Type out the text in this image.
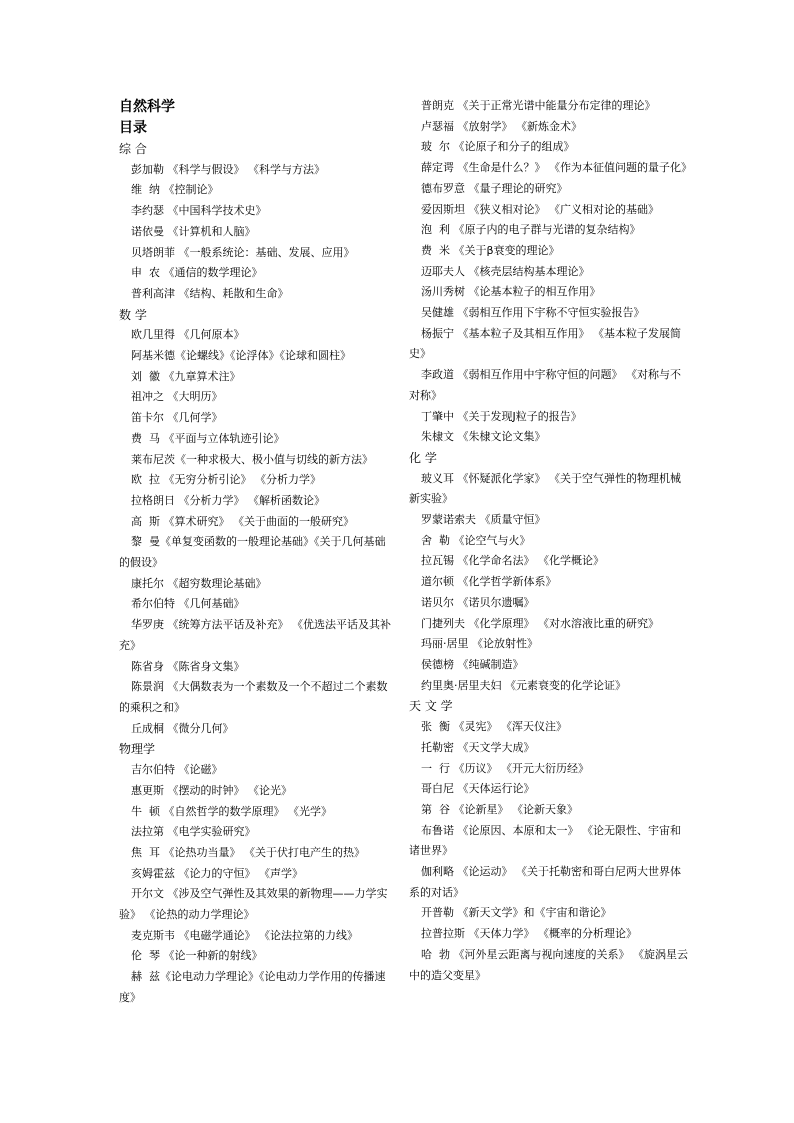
自然科学
目录
综 合
彭加勒 《科学与假设》 《科学与方法》
维  纳 《控制论》
李约瑟 《中国科学技术史》
诺依曼 《计算机和人脑》
贝塔朗菲 《一般系统论：基础、发展、应用》
申  农 《通信的数学理论》
普利高津 《结构、耗散和生命》
数 学
欧几里得 《几何原本》
阿基米德《论螺线》《论浮体》《论球和圆柱》
刘  徽 《九章算术注》
祖冲之 《大明历》
笛卡尔 《几何学》
费  马 《平面与立体轨迹引论》
莱布尼茨《一种求极大、极小值与切线的新方法》
欧  拉 《无穷分析引论》 《分析力学》
拉格朗日 《分析力学》 《解析函数论》
高  斯 《算术研究》 《关于曲面的一般研究》
黎  曼《单复变函数的一般理论基础》《关于几何基础的假设》
康托尔 《超穷数理论基础》
希尔伯特 《几何基础》
华罗庚 《统筹方法平话及补充》 《优选法平话及其补充》
陈省身 《陈省身文集》
陈景润 《大偶数表为一个素数及一个不超过二个素数的乘积之和》
丘成桐 《微分几何》
物理学
吉尔伯特 《论磁》
惠更斯 《摆动的时钟》 《论光》
牛  顿 《自然哲学的数学原理》 《光学》
法拉第 《电学实验研究》
焦  耳 《论热功当量》 《关于伏打电产生的热》
亥姆霍兹 《论力的守恒》 《声学》
开尔文 《涉及空气弹性及其效果的新物理——力学实验》 《论热的动力学理论》
麦克斯韦 《电磁学通论》 《论法拉第的力线》
伦  琴 《论一种新的射线》
赫  兹《论电动力学理论》《论电动力学作用的传播速度》
普朗克 《关于正常光谱中能量分布定律的理论》
卢瑟福 《放射学》 《新炼金术》
玻  尔 《论原子和分子的组成》
薛定谔 《生命是什么？》 《作为本征值问题的量子化》
德布罗意 《量子理论的研究》
爱因斯坦 《狭义相对论》 《广义相对论的基础》
泡  利 《原子内的电子群与光谱的复杂结构》
费  米 《关于β衰变的理论》
迈耶夫人 《核壳层结构基本理论》
汤川秀树 《论基本粒子的相互作用》
吴健雄 《弱相互作用下宇称不守恒实验报告》
杨振宁 《基本粒子及其相互作用》 《基本粒子发展简史》
李政道 《弱相互作用中宇称守恒的问题》 《对称与不对称》
丁肇中 《关于发现J粒子的报告》
朱棣文 《朱棣文论文集》
化 学
玻义耳 《怀疑派化学家》 《关于空气弹性的物理机械新实验》
罗蒙诺索夫 《质量守恒》
舍  勒 《论空气与火》
拉瓦锡 《化学命名法》 《化学概论》
道尔顿 《化学哲学新体系》
诺贝尔 《诺贝尔遗嘱》
门捷列夫 《化学原理》 《对水溶液比重的研究》
玛丽·居里 《论放射性》
侯德榜 《纯碱制造》
约里奥·居里夫妇 《元素衰变的化学论证》
天 文 学
张  衡 《灵宪》 《浑天仪注》
托勒密 《天文学大成》
一  行 《历议》 《开元大衍历经》
哥白尼 《天体运行论》
第  谷 《论新星》 《论新天象》
布鲁诺 《论原因、本原和太一》 《论无限性、宇宙和诸世界》
伽利略 《论运动》 《关于托勒密和哥白尼两大世界体系的对话》
开普勒 《新天文学》和《宇宙和谐论》
拉普拉斯 《天体力学》 《概率的分析理论》
哈  勃 《河外星云距离与视向速度的关系》 《旋涡星云中的造父变星》
